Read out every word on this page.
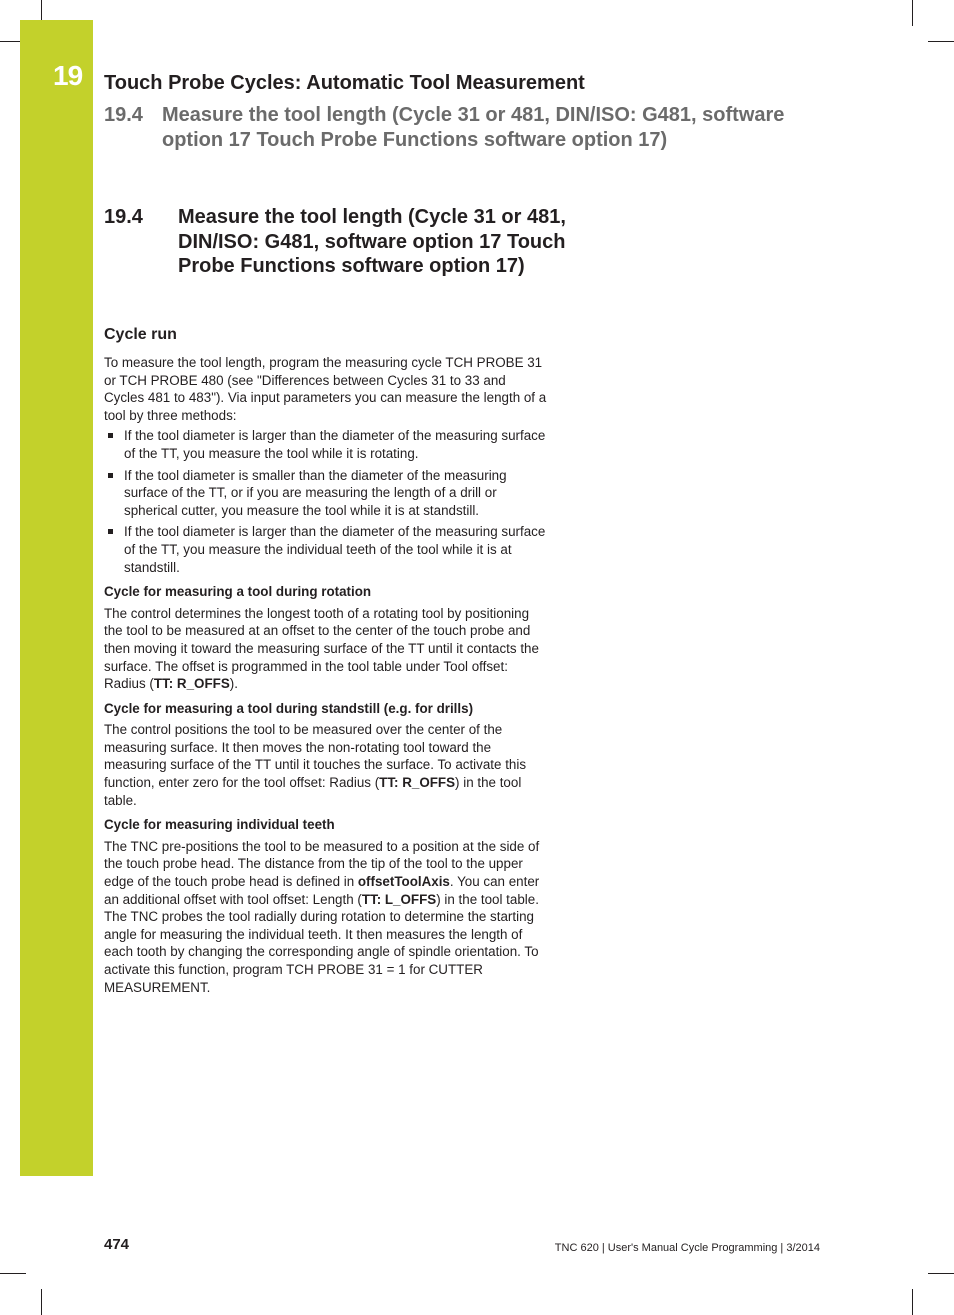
19 Touch Probe Cycles: Automatic Tool Measurement
19.4 Measure the tool length (Cycle 31 or 481, DIN/ISO: G481, software option 17 Touch Probe Functions software option 17)
19.4 Measure the tool length (Cycle 31 or 481, DIN/ISO: G481, software option 17 Touch Probe Functions software option 17)
Cycle run

To measure the tool length, program the measuring cycle TCH PROBE 31 or TCH PROBE 480 (see "Differences between Cycles 31 to 33 and Cycles 481 to 483"). Via input parameters you can measure the length of a tool by three methods:

If the tool diameter is larger than the diameter of the measuring surface of the TT, you measure the tool while it is rotating.
If the tool diameter is smaller than the diameter of the measuring surface of the TT, or if you are measuring the length of a drill or spherical cutter, you measure the tool while it is at standstill.
If the tool diameter is larger than the diameter of the measuring surface of the TT, you measure the individual teeth of the tool while it is at standstill.
Cycle for measuring a tool during rotation

The control determines the longest tooth of a rotating tool by positioning the tool to be measured at an offset to the center of the touch probe and then moving it toward the measuring surface of the TT until it contacts the surface. The offset is programmed in the tool table under Tool offset: Radius (TT: R_OFFS).

Cycle for measuring a tool during standstill (e.g. for drills)

The control positions the tool to be measured over the center of the measuring surface. It then moves the non-rotating tool toward the measuring surface of the TT until it touches the surface. To activate this function, enter zero for the tool offset: Radius (TT: R_OFFS) in the tool table.

Cycle for measuring individual teeth

The TNC pre-positions the tool to be measured to a position at the side of the touch probe head. The distance from the tip of the tool to the upper edge of the touch probe head is defined in offsetToolAxis. You can enter an additional offset with tool offset: Length (TT: L_OFFS) in the tool table. The TNC probes the tool radially during rotation to determine the starting angle for measuring the individual teeth. It then measures the length of each tooth by changing the corresponding angle of spindle orientation. To activate this function, program TCH PROBE 31 = 1 for CUTTER MEASUREMENT.

474	TNC 620 | User's Manual Cycle Programming | 3/2014
